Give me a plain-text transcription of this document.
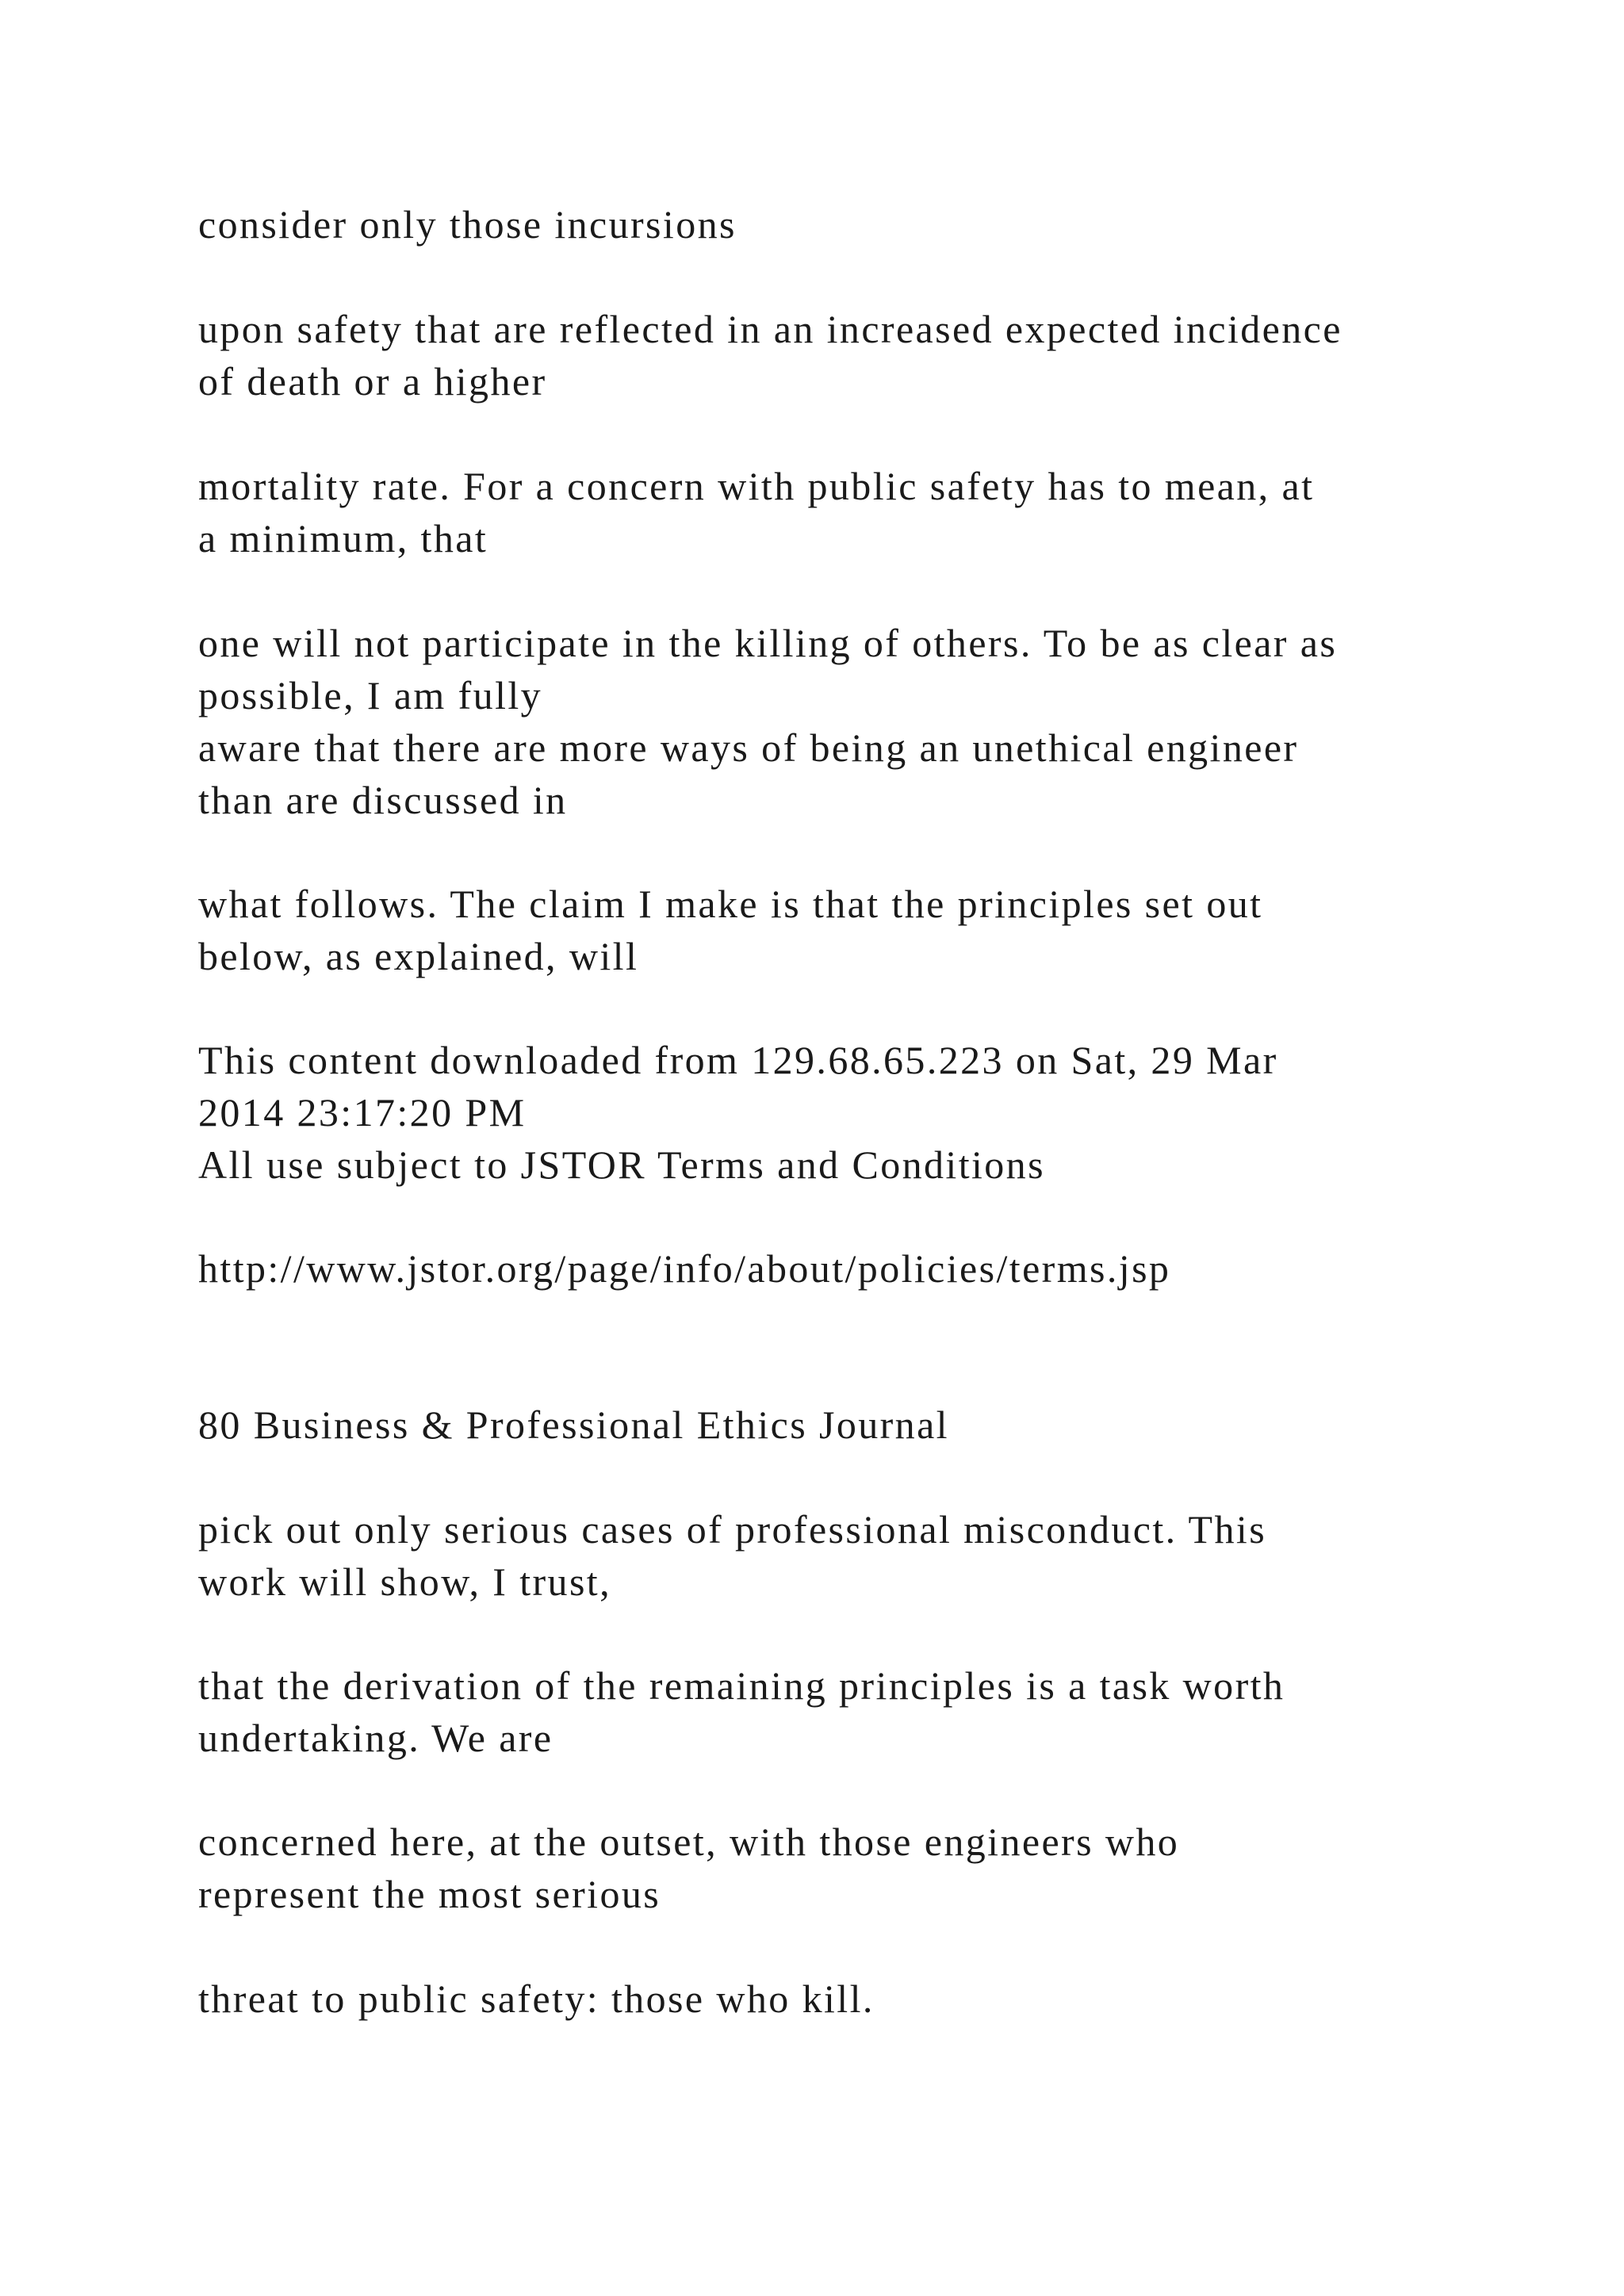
consider only those incursions

upon safety that are reflected in an increased expected incidence
of death or a higher

mortality rate. For a concern with public safety has to mean, at
a minimum, that

one will not participate in the killing of others. To be as clear as
possible, I am fully
aware that there are more ways of being an unethical engineer
than are discussed in

what follows. The claim I make is that the principles set out
below, as explained, will

This content downloaded from 129.68.65.223 on Sat, 29 Mar
2014 23:17:20 PM
All use subject to JSTOR Terms and Conditions

http://www.jstor.org/page/info/about/policies/terms.jsp

80 Business & Professional Ethics Journal

pick out only serious cases of professional misconduct. This
work will show, I trust,

that the derivation of the remaining principles is a task worth
undertaking. We are

concerned here, at the outset, with those engineers who
represent the most serious

threat to public safety: those who kill.
